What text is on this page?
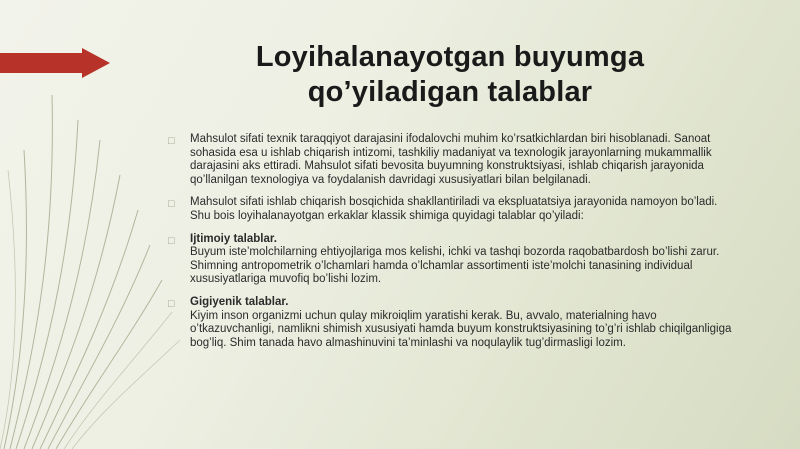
Loyihalanayotgan buyumga
qo’yiladigan talablar
□	Mahsulot sifati texnik taraqqiyot darajasini ifodalovchi muhim ko’rsatkichlardan biri hisoblanadi. Sanoat sohasida esa u ishlab chiqarish intizomi, tashkiliy madaniyat va texnologik jarayonlarning mukammallik darajasini aks ettiradi. Mahsulot sifati bevosita buyumning konstruktsiyasi, ishlab chiqarish jarayonida qo’llanilgan texnologiya va foydalanish davridagi xususiyatlari bilan belgilanadi.
□	Mahsulot sifati ishlab chiqarish bosqichida shakllantiriladi va ekspluatatsiya jarayonida namoyon bo’ladi. Shu bois loyihalanayotgan erkaklar klassik shimiga quyidagi talablar qo’yiladi:
□	Ijtimoiy talablar.
Buyum iste’molchilarning ehtiyojlariga mos kelishi, ichki va tashqi bozorda raqobatbardosh bo’lishi zarur. Shimning antropometrik o’lchamlari hamda o’lchamlar assortimenti iste’molchi tanasining individual xususiyatlariga muvofiq bo’lishi lozim.
□	Gigiyenik talablar.
Kiyim inson organizmi uchun qulay mikroiqlim yaratishi kerak. Bu, avvalo, materialning havo o’tkazuvchanligi, namlikni shimish xususiyati hamda buyum konstruktsiyasining to’g’ri ishlab chiqilganligiga bog’liq. Shim tanada havo almashinuvini ta’minlashi va noqulaylik tug’dirmasligi lozim.
